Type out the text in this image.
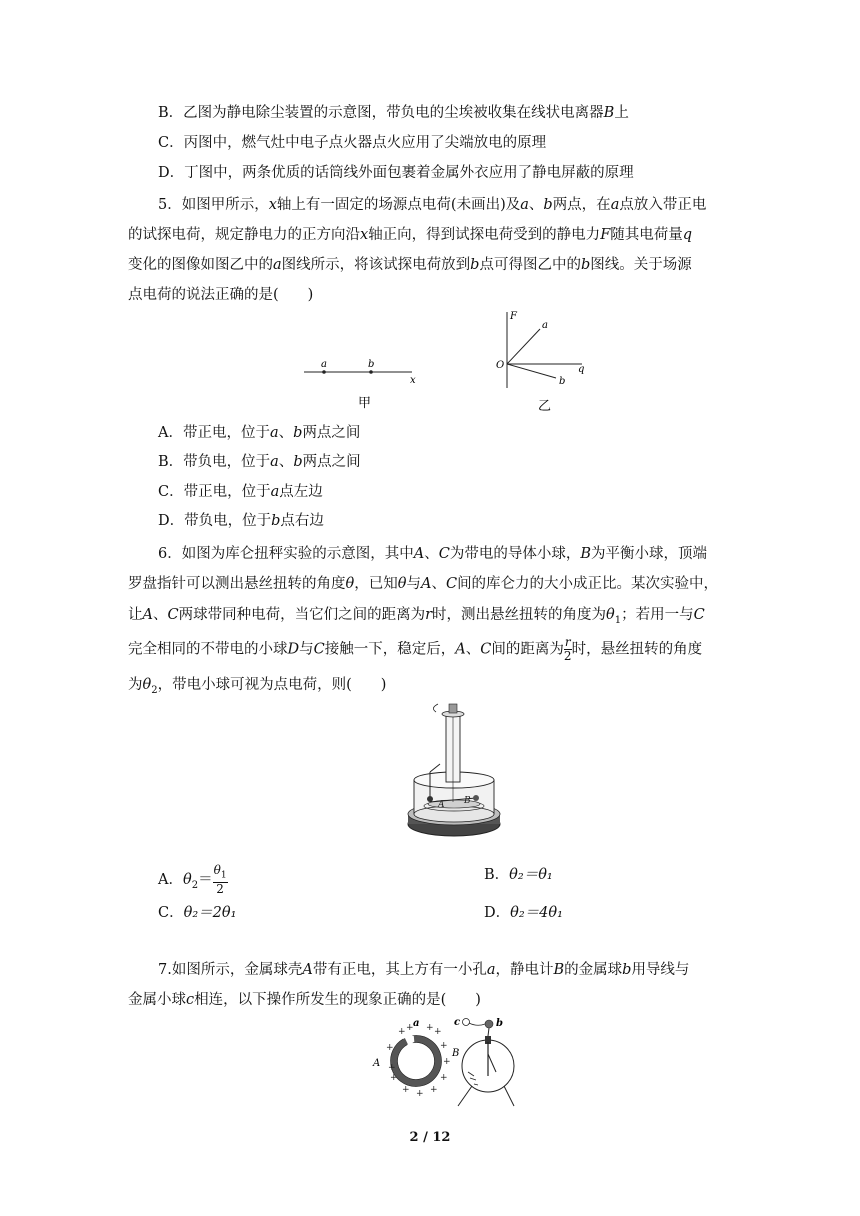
B．乙图为静电除尘装置的示意图，带负电的尘埃被收集在线状电离器B上
C．丙图中，燃气灶中电子点火器点火应用了尖端放电的原理
D．丁图中，两条优质的话筒线外面包裹着金属外衣应用了静电屏蔽的原理
5．如图甲所示，x轴上有一固定的场源点电荷(未画出)及a、b两点，在a点放入带正电
的试探电荷，规定静电力的正方向沿x轴正向，得到试探电荷受到的静电力F随其电荷量q
变化的图像如图乙中的a图线所示，将该试探电荷放到b点可得图乙中的b图线。关于场源
点电荷的说法正确的是(　　)
a	b
x
甲
F
a
O	q
b
乙
A．带正电，位于a、b两点之间
B．带负电，位于a、b两点之间
C．带正电，位于a点左边
D．带负电，位于b点右边
6．如图为库仑扭秤实验的示意图，其中A、C为带电的导体小球，B为平衡小球，顶端
罗盘指针可以测出悬丝扭转的角度θ，已知θ与A、C间的库仑力的大小成正比。某次实验中，
让A、C两球带同种电荷，当它们之间的距离为r时，测出悬丝扭转的角度为$\theta_1$；若用一与C
完全相同的不带电的小球D与C接触一下，稳定后，A、C间的距离为 $\frac{r}{2}$ 时，悬丝扭转的角度
为$\theta_2$，带电小球可视为点电荷，则(　　)
A B
A．$\theta_2= \frac{\theta_1}{2}$	B．θ₂＝θ₁
C．θ₂＝2θ₁	D．θ₂＝4θ₁
7.如图所示，金属球壳A带有正电，其上方有一小孔a，静电计B的金属球b用导线与
金属小球c相连，以下操作所发生的现象正确的是(　　)
+ + + +
+
+
+
+
+
+
+
+
+
a
A
c	b
B
2 / 12
